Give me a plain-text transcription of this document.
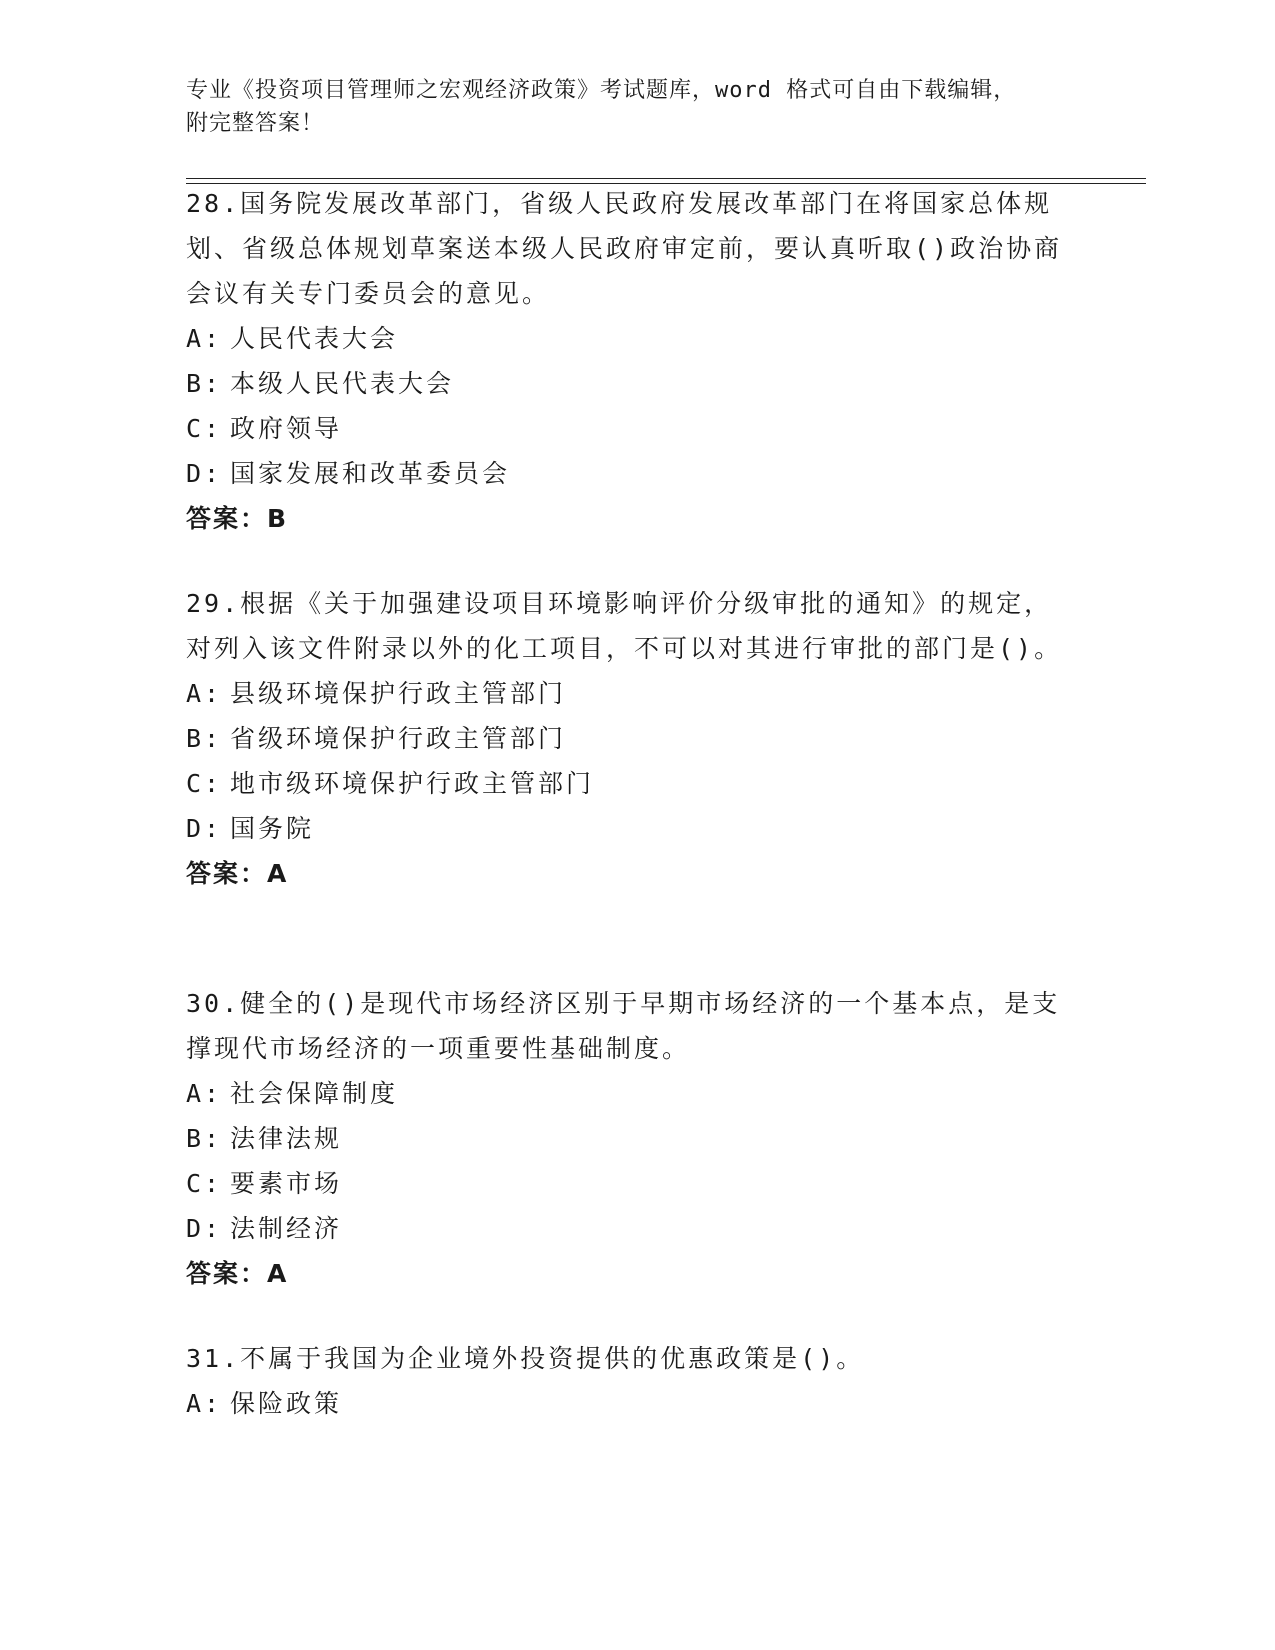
专业《投资项目管理师之宏观经济政策》考试题库，word 格式可自由下载编辑，
附完整答案！

28.国务院发展改革部门，省级人民政府发展改革部门在将国家总体规划、省级总体规划草案送本级人民政府审定前，要认真听取()政治协商会议有关专门委员会的意见。

A: 人民代表大会

B: 本级人民代表大会

C: 政府领导

D: 国家发展和改革委员会

答案：B

29.根据《关于加强建设项目环境影响评价分级审批的通知》的规定，对列入该文件附录以外的化工项目，不可以对其进行审批的部门是()。

A: 县级环境保护行政主管部门

B: 省级环境保护行政主管部门

C: 地市级环境保护行政主管部门

D: 国务院

答案：A

30.健全的()是现代市场经济区别于早期市场经济的一个基本点，是支撑现代市场经济的一项重要性基础制度。

A: 社会保障制度

B: 法律法规

C: 要素市场

D: 法制经济

答案：A

31.不属于我国为企业境外投资提供的优惠政策是()。

A: 保险政策
